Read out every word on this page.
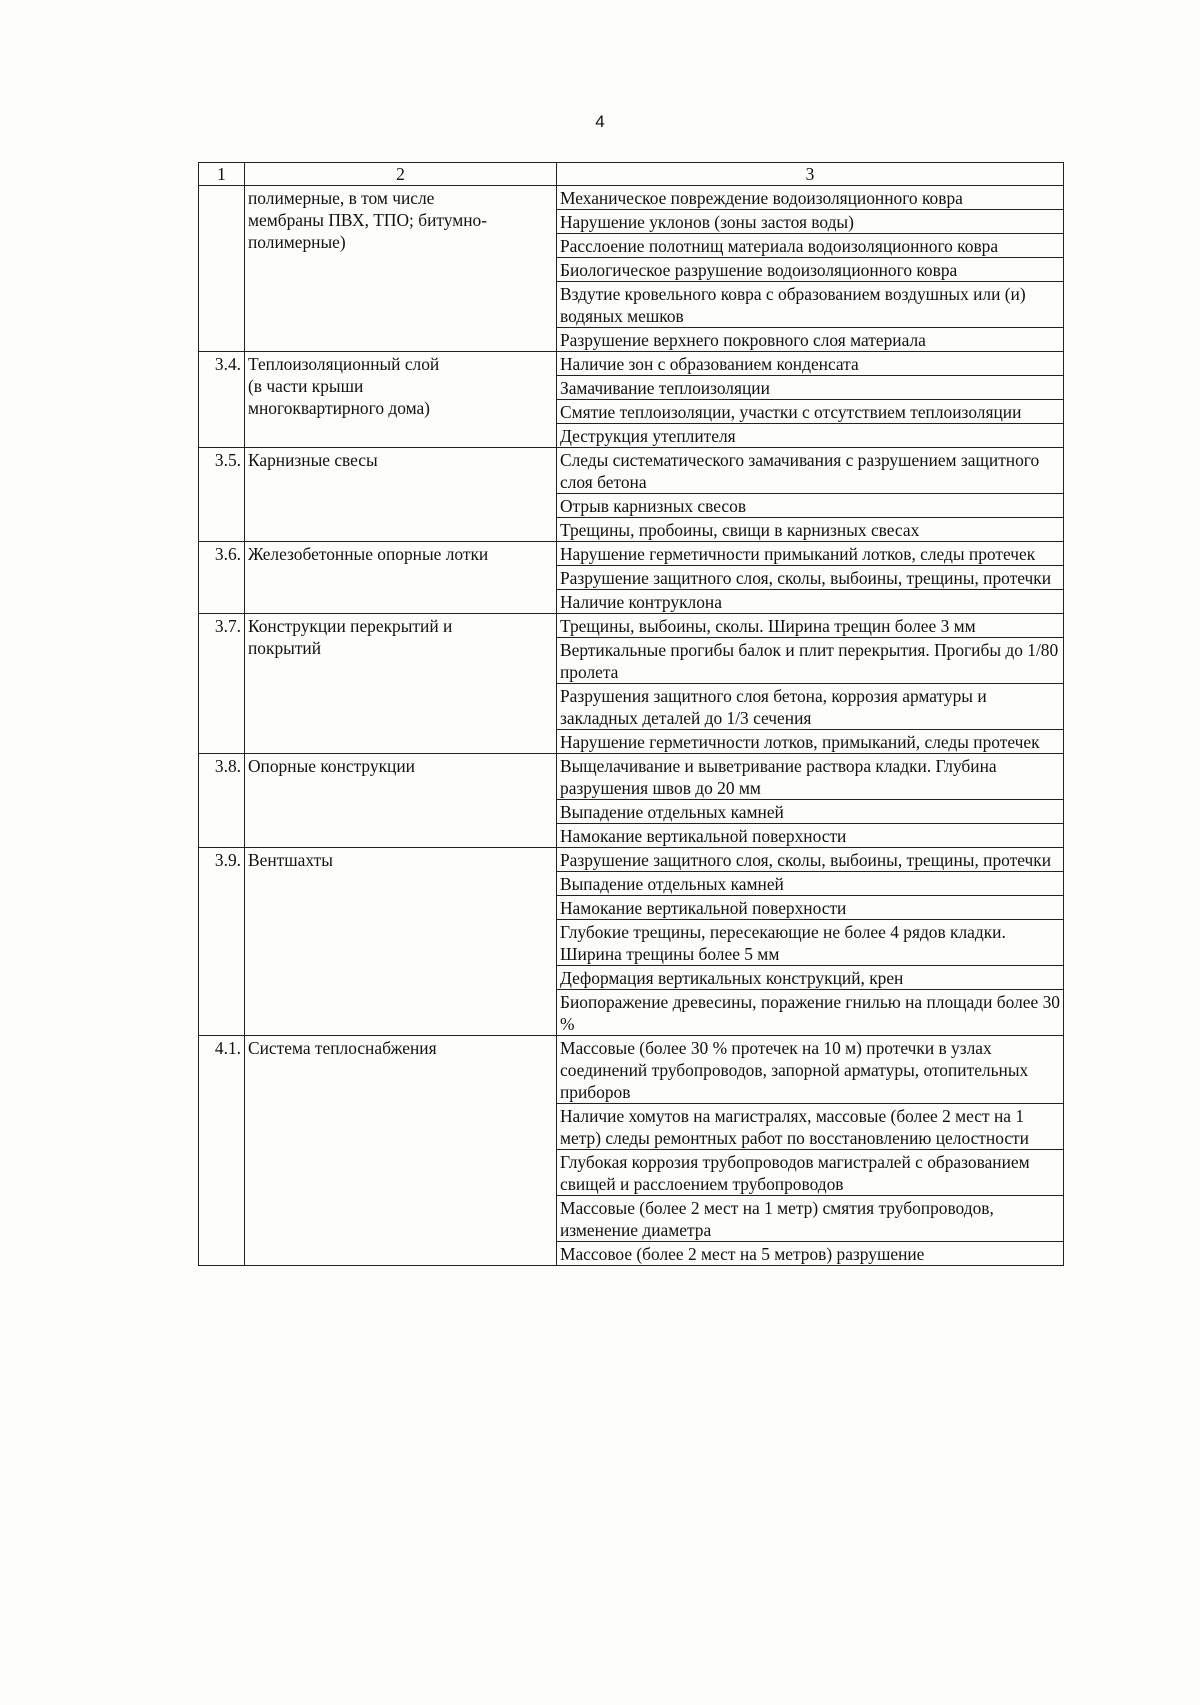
4
1	2	3
	полимерные, в том числе
мембраны ПВХ, ТПО; битумно-
полимерные)	Механическое повреждение водоизоляционного ковра
		Нарушение уклонов (зоны застоя воды)
		Расслоение полотнищ материала водоизоляционного ковра
		Биологическое разрушение водоизоляционного ковра
		Вздутие кровельного ковра с образованием воздушных или (и) водяных мешков
		Разрушение верхнего покровного слоя материала
3.4.	Теплоизоляционный слой
(в части крыши
многоквартирного дома)	Наличие зон с образованием конденсата
		Замачивание теплоизоляции
		Смятие теплоизоляции, участки с отсутствием теплоизоляции
		Деструкция утеплителя
3.5.	Карнизные свесы	Следы систематического замачивания с разрушением защитного слоя бетона
		Отрыв карнизных свесов
		Трещины, пробоины, свищи в карнизных свесах
3.6.	Железобетонные опорные лотки	Нарушение герметичности примыканий лотков, следы протечек
		Разрушение защитного слоя, сколы, выбоины, трещины, протечки
		Наличие контруклона
3.7.	Конструкции перекрытий и
покрытий	Трещины, выбоины, сколы. Ширина трещин более 3 мм
		Вертикальные прогибы балок и плит перекрытия. Прогибы до 1/80 пролета
		Разрушения защитного слоя бетона, коррозия арматуры и закладных деталей до 1/3 сечения
		Нарушение герметичности лотков, примыканий, следы протечек
3.8.	Опорные конструкции	Выщелачивание и выветривание раствора кладки. Глубина разрушения швов до 20 мм
		Выпадение отдельных камней
		Намокание вертикальной поверхности
3.9.	Вентшахты	Разрушение защитного слоя, сколы, выбоины, трещины, протечки
		Выпадение отдельных камней
		Намокание вертикальной поверхности
		Глубокие трещины, пересекающие не более 4 рядов кладки. Ширина трещины более 5 мм
		Деформация вертикальных конструкций, крен
		Биопоражение древесины, поражение гнилью на площади более 30 %
4.1.	Система теплоснабжения	Массовые (более 30 % протечек на 10 м) протечки в узлах соединений трубопроводов, запорной арматуры, отопительных приборов
		Наличие хомутов на магистралях, массовые (более 2 мест на 1 метр) следы ремонтных работ по восстановлению целостности
		Глубокая коррозия трубопроводов магистралей с образованием свищей и расслоением трубопроводов
		Массовые (более 2 мест на 1 метр) смятия трубопроводов, изменение диаметра
		Массовое (более 2 мест на 5 метров) разрушение
